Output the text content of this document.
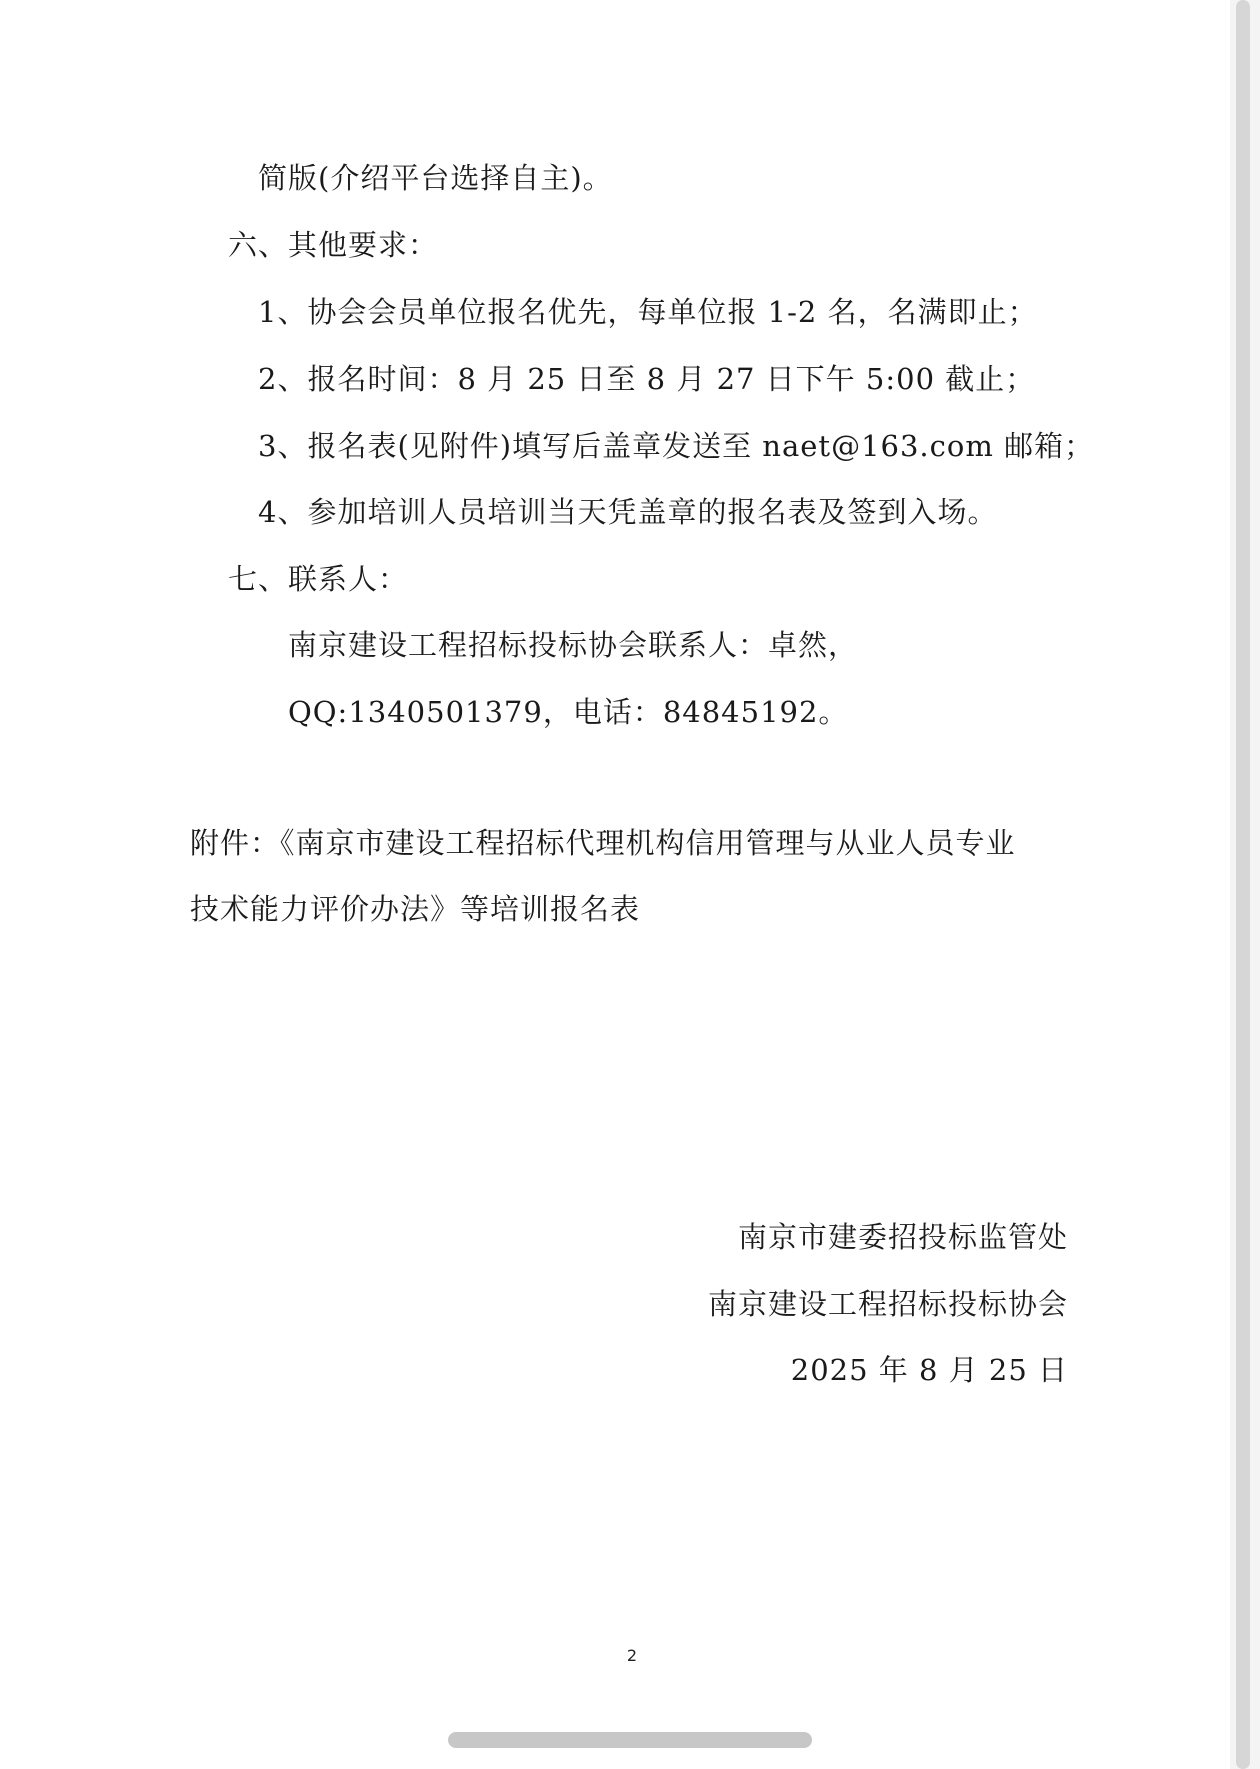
简版(介绍平台选择自主)。
六、其他要求：
1、协会会员单位报名优先，每单位报 1-2 名，名满即止；
2、报名时间：8 月 25 日至 8 月 27 日下午 5:00 截止；
3、报名表(见附件)填写后盖章发送至 naet@163.com 邮箱；
4、参加培训人员培训当天凭盖章的报名表及签到入场。
七、联系人：
南京建设工程招标投标协会联系人：卓然，
QQ:1340501379，电话：84845192。
附件：《南京市建设工程招标代理机构信用管理与从业人员专业
技术能力评价办法》等培训报名表
南京市建委招投标监管处
南京建设工程招标投标协会
2025 年 8 月 25 日
2
